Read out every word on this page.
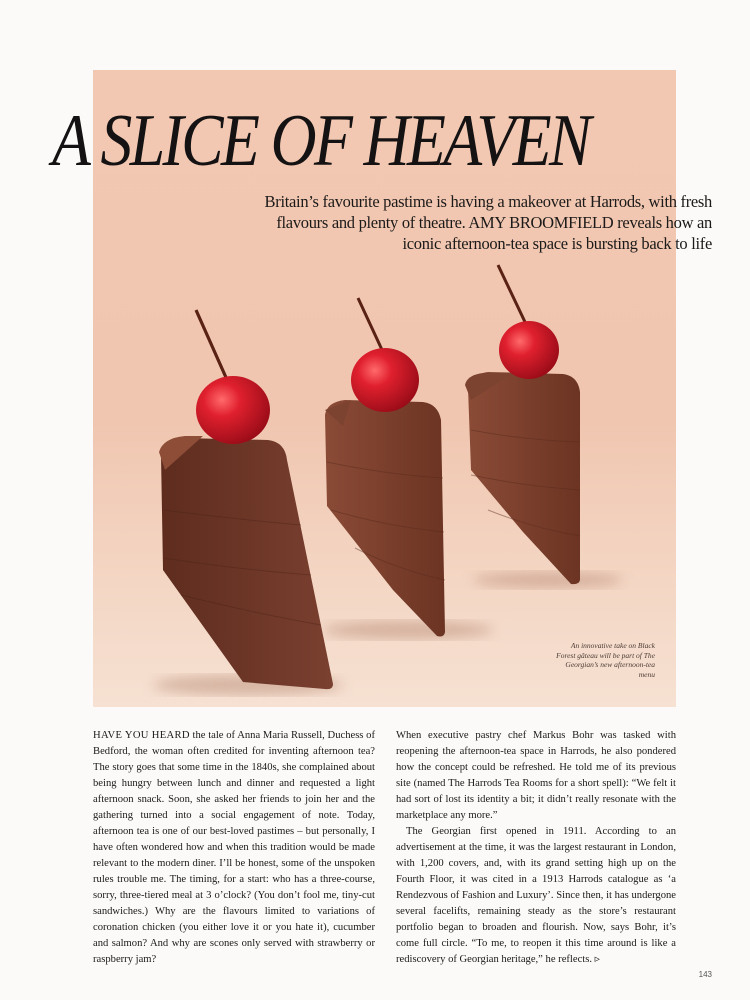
A SLICE OF HEAVEN

Britain’s favourite pastime is having a makeover at Harrods, with fresh flavours and plenty of theatre. AMY BROOMFIELD reveals how an iconic afternoon-tea space is bursting back to life

An innovative take on Black Forest gâteau will be part of The Georgian’s new afternoon-tea menu

HAVE YOU HEARD the tale of Anna Maria Russell, Duchess of Bedford, the woman often credited for inventing afternoon tea? The story goes that some time in the 1840s, she complained about being hungry between lunch and dinner and requested a light afternoon snack. Soon, she asked her friends to join her and the gathering turned into a social engagement of note. Today, afternoon tea is one of our best-loved pastimes – but personally, I have often wondered how and when this tradition would be made relevant to the modern diner. I’ll be honest, some of the unspoken rules trouble me. The timing, for a start: who has a three-course, sorry, three-tiered meal at 3 o’clock? (You don’t fool me, tiny-cut sandwiches.) Why are the flavours limited to variations of coronation chicken (you either love it or you hate it), cucumber and salmon? And why are scones only served with strawberry or raspberry jam?

When executive pastry chef Markus Bohr was tasked with reopening the afternoon-tea space in Harrods, he also pondered how the concept could be refreshed. He told me of its previous site (named The Harrods Tea Rooms for a short spell): “We felt it had sort of lost its identity a bit; it didn’t really resonate with the marketplace any more.”

The Georgian first opened in 1911. According to an advertisement at the time, it was the largest restaurant in London, with 1,200 covers, and, with its grand setting high up on the Fourth Floor, it was cited in a 1913 Harrods catalogue as ‘a Rendezvous of Fashion and Luxury’. Since then, it has undergone several facelifts, remaining steady as the store’s restaurant portfolio began to broaden and flourish. Now, says Bohr, it’s come full circle. “To me, to reopen it this time around is like a rediscovery of Georgian heritage,” he reflects. ▹

143
